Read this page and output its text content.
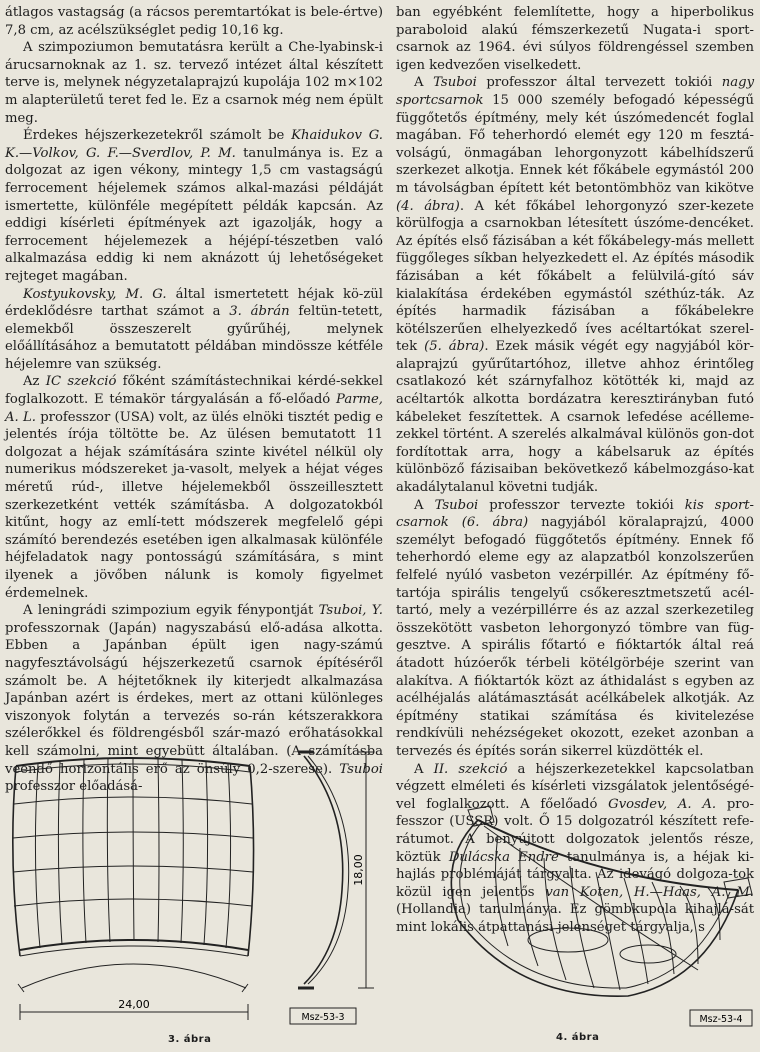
átlagos vastagság (a rácsos peremtartókat is bele-értve) 7,8 cm, az acélszükséglet pedig 10,16 kg.

A szimpoziumon bemutatásra került a Che-lyabinsk-i árucsarnoknak az 1. sz. tervező intézet által készített terve is, melynek négyzetalaprajzú kupolája 102 m×102 m alapterületű teret fed le. Ez a csarnok még nem épült meg.

Érdekes héjszerkezetekről számolt be Khaidukov G. K.—Volkov, G. F.—Sverdlov, P. M. tanulmánya is. Ez a dolgozat az igen vékony, mintegy 1,5 cm vastagságú ferrocement héjelemek számos alkal-mazási példáját ismertette, különféle megépített példák kapcsán. Az eddigi kísérleti építmények azt igazolják, hogy a ferrocement héjelemezek a héjépí-tészetben való alkalmazása eddig ki nem aknázott új lehetőségeket rejteget magában.

Kostyukovsky, M. G. által ismertetett héjak kö-zül érdeklődésre tarthat számot a 3. ábrán feltün-tetett, elemekből összeszerelt gyűrűhéj, melynek előállításához a bemutatott példában mindössze kétféle héjelemre van szükség.

Az IC szekció főként számítástechnikai kérdé-sekkel foglalkozott. E témakör tárgyalásán a fő-előadó Parme, A. L. professzor (USA) volt, az ülés elnöki tisztét pedig e jelentés írója töltötte be. Az ülésen bemutatott 11 dolgozat a héjak számítására szinte kivétel nélkül oly numerikus módszereket ja-vasolt, melyek a héjat véges méretű rúd-, illetve héjelemekből összeillesztett szerkezetként vették számításba. A dolgozatokból kitűnt, hogy az emlí-tett módszerek megfelelő gépi számító berendezés esetében igen alkalmasak különféle héjfeladatok nagy pontosságú számítására, s mint ilyenek a jövőben nálunk is komoly figyelmet érdemelnek.

A leningrádi szimpozium egyik fénypontját Tsuboi, Y. professzornak (Japán) nagyszabású elő-adása alkotta. Ebben a Japánban épült igen nagy-számú nagyfesztávolságú héjszerkezetű csarnok építéséről számolt be. A héjtetőknek ily kiterjedt alkalmazása Japánban azért is érdekes, mert az ottani különleges viszonyok folytán a tervezés so-rán kétszerakkora szélerőkkel és földrengésből szár-mazó erőhatásokkal kell számolni, mint egyebütt általában. (A számításba veendő horizontális erő az önsúly 0,2-szerese). Tsuboi professzor előadásá-

ban egyébként felemlítette, hogy a hiperbolikus paraboloid alakú fémszerkezetű Nugata-i sport-csarnok az 1964. évi súlyos földrengéssel szemben igen kedvezően viselkedett.

A Tsuboi professzor által tervezett tokiói nagy sportcsarnok 15 000 személy befogadó képességű függőtetős építmény, mely két úszómedencét foglal magában. Fő teherhordó elemét egy 120 m fesztá-volságú, önmagában lehorgonyzott kábelhídszerű szerkezet alkotja. Ennek két főkábele egymástól 200 m távolságban épített két betontömbhöz van kikötve (4. ábra). A két főkábel lehorgonyzó szer-kezete körülfogja a csarnokban létesített úszóme-dencéket. Az építés első fázisában a két főkábelegy-más mellett függőleges síkban helyezkedett el. Az építés második fázisában a két főkábelt a felülvilá-gító sáv kialakítása érdekében egymástól széthúz-ták. Az építés harmadik fázisában a főkábelekre kötélszerűen elhelyezkedő íves acéltartókat szerel-tek (5. ábra). Ezek másik végét egy nagyjából kör-alaprajzú gyűrűtartóhoz, illetve ahhoz érintőleg csatlakozó két szárnyfalhoz kötötték ki, majd az acéltartók alkotta bordázatra keresztirányban futó kábeleket feszítettek. A csarnok lefedése acélleme-zekkel történt. A szerelés alkalmával különös gon-dot fordítottak arra, hogy a kábelsaruk az építés különböző fázisaiban bekövetkező kábelmozgáso-kat akadálytalanul követni tudják.

A Tsuboi professzor tervezte tokiói kis sport-csarnok (6. ábra) nagyjából köralaprajzú, 4000 személyt befogadó függőtetős építmény. Ennek fő teherhordó eleme egy az alapzatból konzolszerűen felfelé nyúló vasbeton vezérpillér. Az építmény fő-tartója spirális tengelyű csőkeresztmetszetű acél-tartó, mely a vezérpillérre és az azzal szerkezetileg összekötött vasbeton lehorgonyzó tömbre van füg-gesztve. A spirális főtartó e fióktartók által reá átadott húzóerők térbeli kötélgörbéje szerint van alakítva. A fióktartók közt az áthidalást s egyben az acélhéjalás alátámasztását acélkábelek alkotják. Az építmény statikai számítása és kivitelezése rendkívüli nehézségeket okozott, ezeket azonban a tervezés és építés során sikerrel küzdötték el.

A II. szekció a héjszerkezetekkel kapcsolatban végzett elméleti és kísérleti vizsgálatok jelentőségé-vel foglalkozott. A főelőadó Gvosdev, A. A. pro-fesszor (USSR) volt. Ő 15 dolgozatról készített refe-rátumot. A benyújtott dolgozatok jelentős része, köztük Dulácska Endre tanulmánya is, a héjak ki-hajlás problémáját tárgyalta. Az idevágó dolgoza-tok közül igen jelentős van Koten, H.—Haas, A. M. (Hollandia) tanulmánya. Ez gömbkupola kihajlá-sát mint lokális átpattanási jelenséget tárgyalja, s

24,00
18,00
Msz-53-3
3. ábra
Msz-53-4
4. ábra
